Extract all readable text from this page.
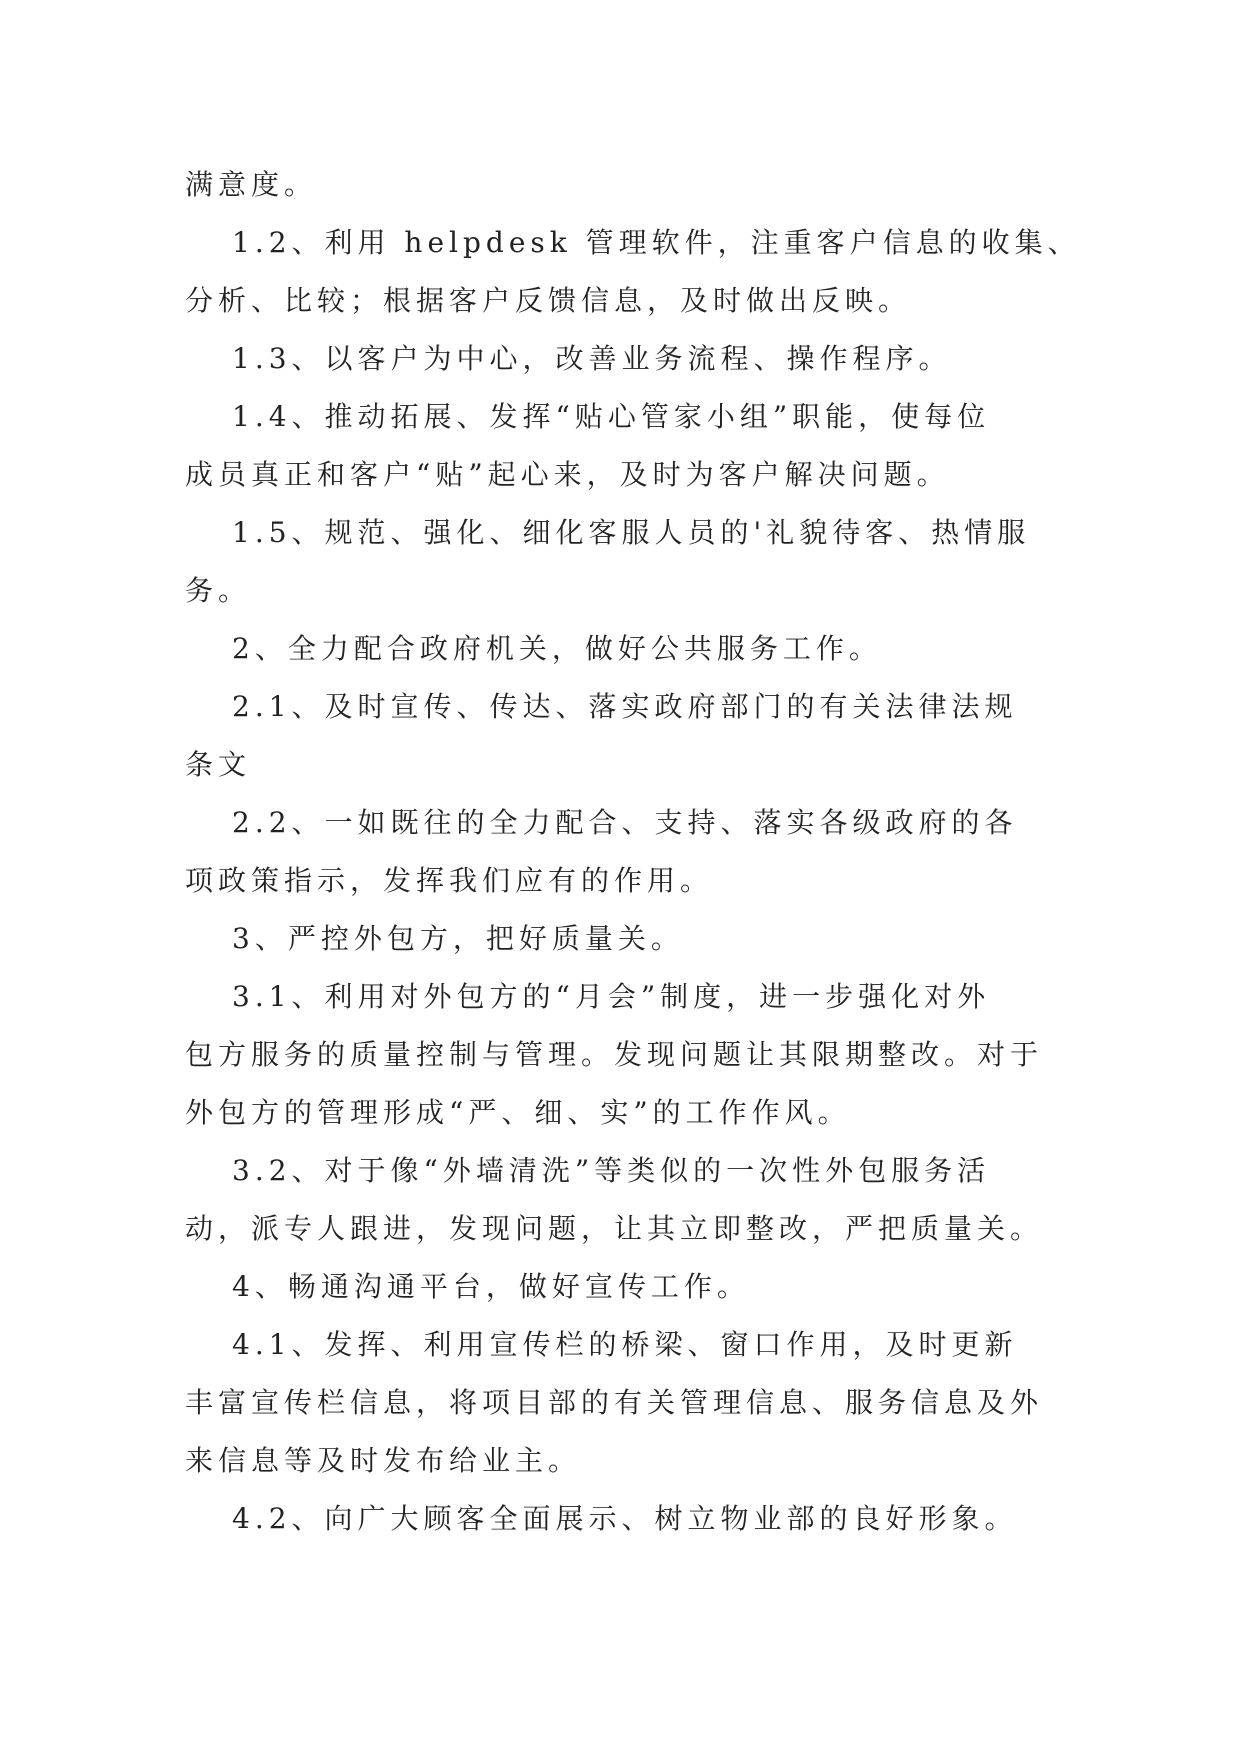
满意度。
1.2、利用 helpdesk 管理软件，注重客户信息的收集、
分析、比较；根据客户反馈信息，及时做出反映。
1.3、以客户为中心，改善业务流程、操作程序。
1.4、推动拓展、发挥“贴心管家小组”职能，使每位
成员真正和客户“贴”起心来，及时为客户解决问题。
1.5、规范、强化、细化客服人员的'礼貌待客、热情服
务。
2、全力配合政府机关，做好公共服务工作。
2.1、及时宣传、传达、落实政府部门的有关法律法规
条文
2.2、一如既往的全力配合、支持、落实各级政府的各
项政策指示，发挥我们应有的作用。
3、严控外包方，把好质量关。
3.1、利用对外包方的“月会”制度，进一步强化对外
包方服务的质量控制与管理。发现问题让其限期整改。对于
外包方的管理形成“严、细、实”的工作作风。
3.2、对于像“外墙清洗”等类似的一次性外包服务活
动，派专人跟进，发现问题，让其立即整改，严把质量关。
4、畅通沟通平台，做好宣传工作。
4.1、发挥、利用宣传栏的桥梁、窗口作用，及时更新
丰富宣传栏信息，将项目部的有关管理信息、服务信息及外
来信息等及时发布给业主。
4.2、向广大顾客全面展示、树立物业部的良好形象。
